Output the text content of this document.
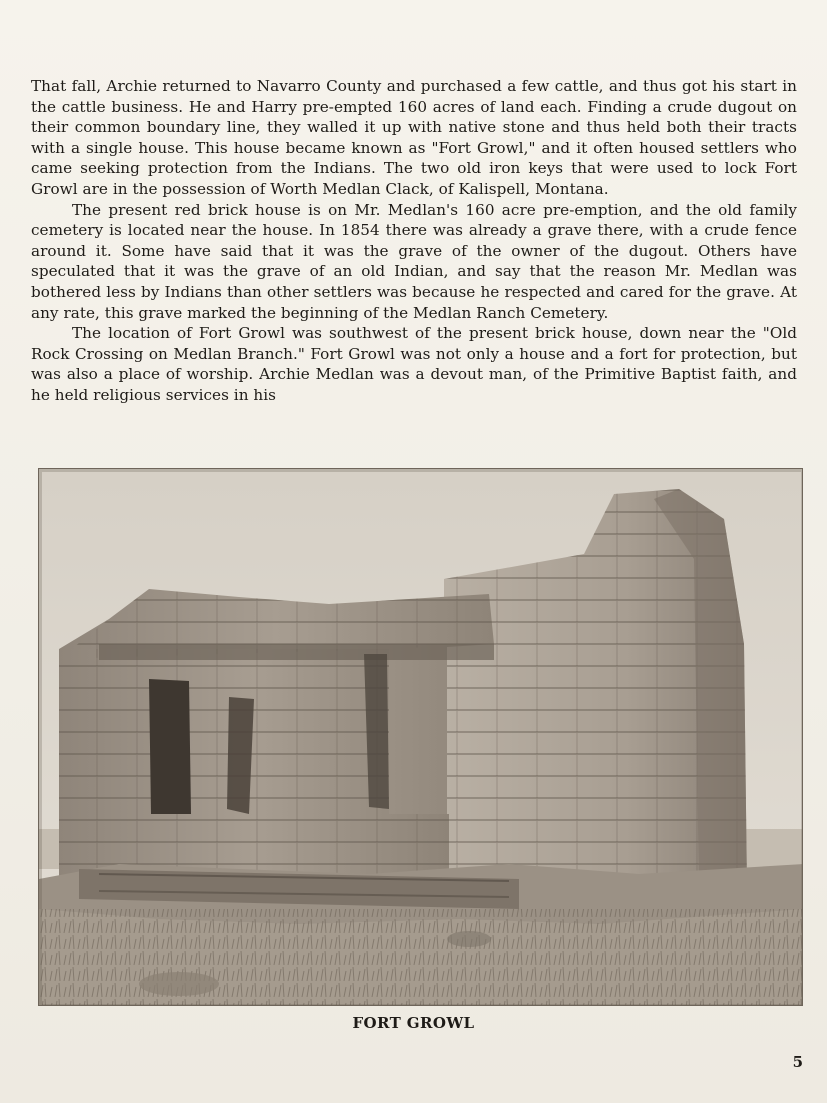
That fall, Archie returned to Navarro County and purchased a few cattle, and thus got his start in the cattle business. He and Harry pre-empted 160 acres of land each. Finding a crude dugout on their common boundary line, they walled it up with native stone and thus held both their tracts with a single house. This house became known as "Fort Growl," and it often housed settlers who came seeking protection from the Indians. The two old iron keys that were used to lock Fort Growl are in the possession of Worth Medlan Clack, of Kalispell, Montana.

The present red brick house is on Mr. Medlan's 160 acre pre-emption, and the old family cemetery is located near the house. In 1854 there was already a grave there, with a crude fence around it. Some have said that it was the grave of the owner of the dugout. Others have speculated that it was the grave of an old Indian, and say that the reason Mr. Medlan was bothered less by Indians than other settlers was because he respected and cared for the grave. At any rate, this grave marked the beginning of the Medlan Ranch Cemetery.

The location of Fort Growl was southwest of the present brick house, down near the "Old Rock Crossing on Medlan Branch." Fort Growl was not only a house and a fort for protection, but was also a place of worship. Archie Medlan was a devout man, of the Primitive Baptist faith, and he held religious services in his

FORT GROWL
5
